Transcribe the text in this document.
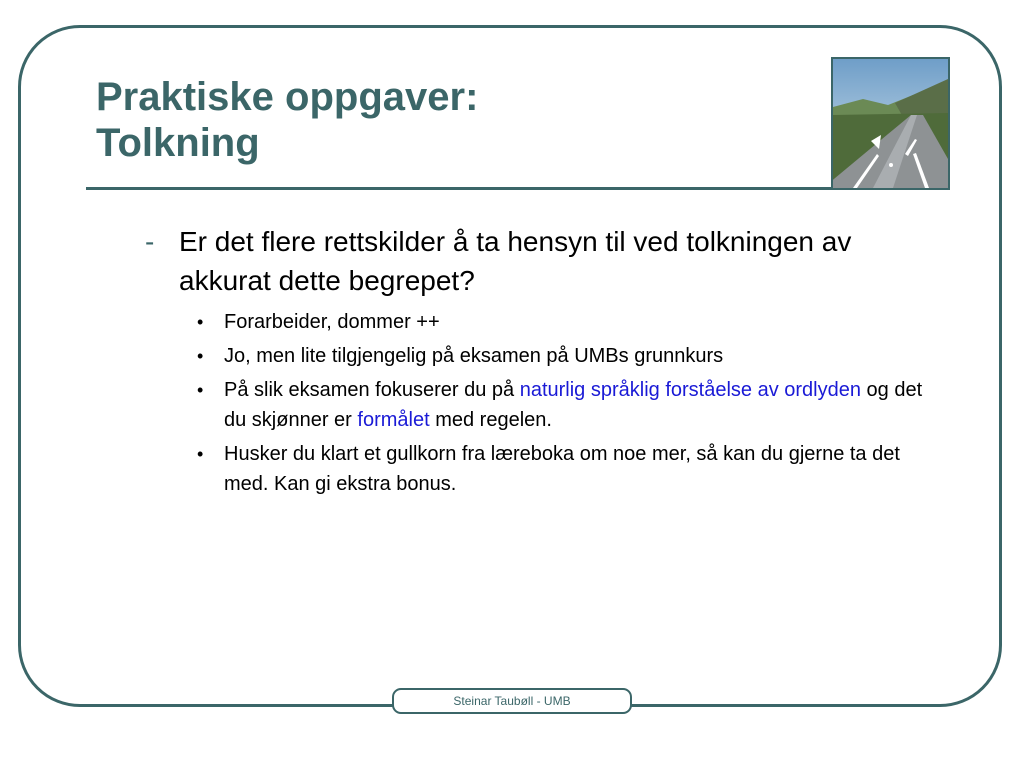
Praktiske oppgaver:
Tolkning
- Er det flere rettskilder å ta hensyn til ved tolkningen av akkurat dette begrepet?
•	Forarbeider, dommer ++
•	Jo, men lite tilgjengelig på eksamen på UMBs grunnkurs
•	På slik eksamen fokuserer du på naturlig språklig forståelse av ordlyden og det du skjønner er formålet med regelen.
•	Husker du klart et gullkorn fra læreboka om noe mer, så kan du gjerne ta det med. Kan gi ekstra bonus.
Steinar Taubøll - UMB
